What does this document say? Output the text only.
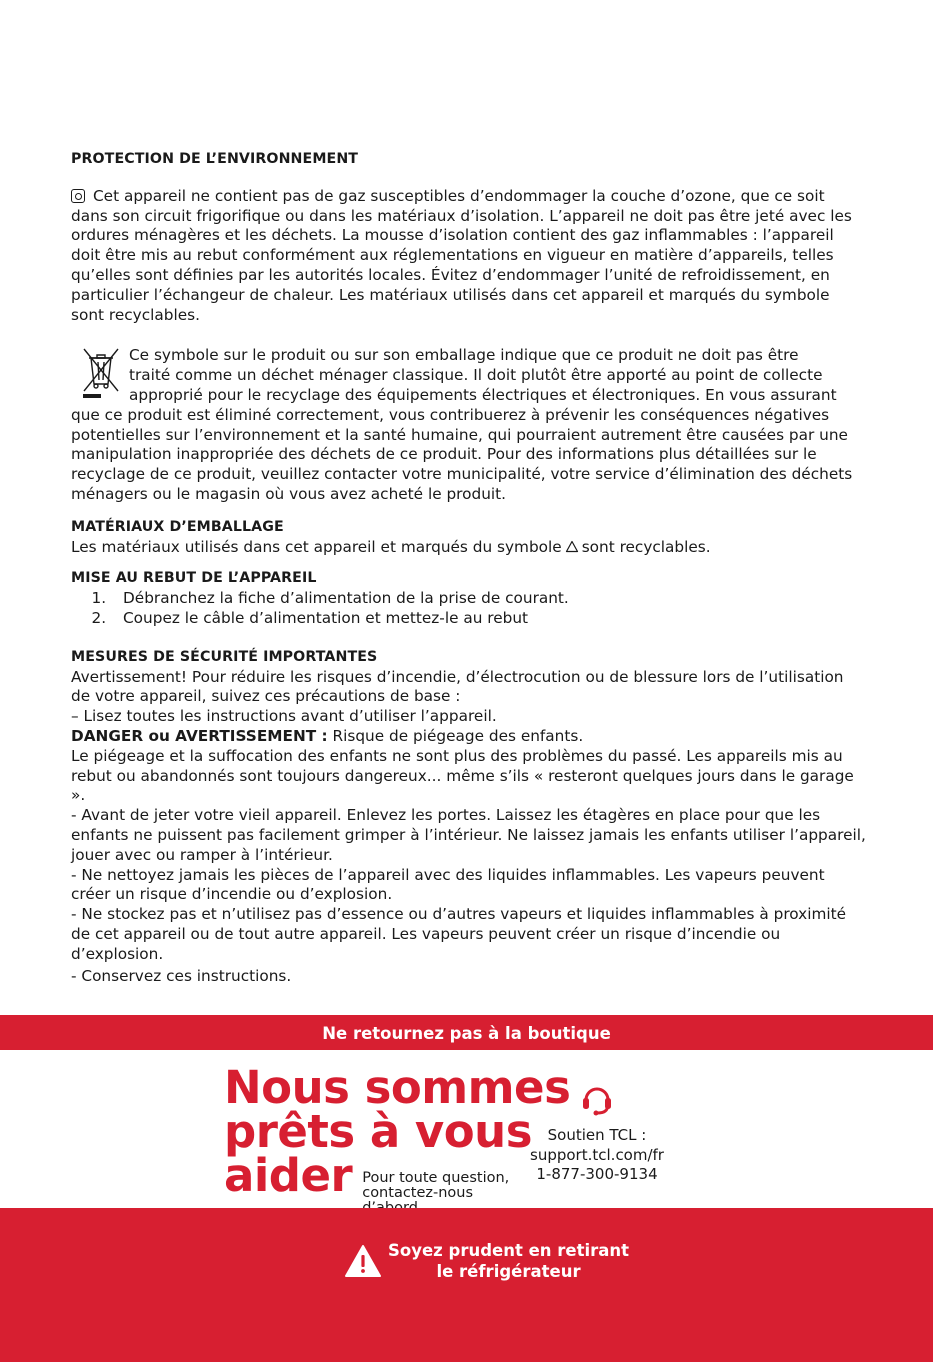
PROTECTION DE L’ENVIRONNEMENT

Cet appareil ne contient pas de gaz susceptibles d’endommager la couche d’ozone, que ce soit dans son circuit frigorifique ou dans les matériaux d’isolation. L’appareil ne doit pas être jeté avec les ordures ménagères et les déchets. La mousse d’isolation contient des gaz inflammables : l’appareil doit être mis au rebut conformément aux réglementations en vigueur en matière d’appareils, telles qu’elles sont définies par les autorités locales. Évitez d’endommager l’unité de refroidissement, en particulier l’échangeur de chaleur. Les matériaux utilisés dans cet appareil et marqués du symbole sont recyclables.

Ce symbole sur le produit ou sur son emballage indique que ce produit ne doit pas être

traité comme un déchet ménager classique. Il doit plutôt être apporté au point de collecte

approprié pour le recyclage des équipements électriques et électroniques. En vous assurant

que ce produit est éliminé correctement, vous contribuerez à prévenir les conséquences négatives potentielles sur l’environnement et la santé humaine, qui pourraient autrement être causées par une manipulation inappropriée des déchets de ce produit. Pour des informations plus détaillées sur le recyclage de ce produit, veuillez contacter votre municipalité, votre service d’élimination des déchets ménagers ou le magasin où vous avez acheté le produit.

MATÉRIAUX D’EMBALLAGE

Les matériaux utilisés dans cet appareil et marqués du symbole sont recyclables.

MISE AU REBUT DE L’APPAREIL

1. Débranchez la fiche d’alimentation de la prise de courant.
2. Coupez le câble d’alimentation et mettez-le au rebut

MESURES DE SÉCURITÉ IMPORTANTES

Avertissement! Pour réduire les risques d’incendie, d’électrocution ou de blessure lors de l’utilisation de votre appareil, suivez ces précautions de base :

– Lisez toutes les instructions avant d’utiliser l’appareil.

DANGER ou AVERTISSEMENT : Risque de piégeage des enfants.

Le piégeage et la suffocation des enfants ne sont plus des problèmes du passé. Les appareils mis au rebut ou abandonnés sont toujours dangereux... même s’ils « resteront quelques jours dans le garage ».

- Avant de jeter votre vieil appareil. Enlevez les portes. Laissez les étagères en place pour que les enfants ne puissent pas facilement grimper à l’intérieur. Ne laissez jamais les enfants utiliser l’appareil, jouer avec ou ramper à l’intérieur.

- Ne nettoyez jamais les pièces de l’appareil avec des liquides inflammables. Les vapeurs peuvent créer un risque d’incendie ou d’explosion.

- Ne stockez pas et n’utilisez pas d’essence ou d’autres vapeurs et liquides inflammables à proximité de cet appareil ou de tout autre appareil. Les vapeurs peuvent créer un risque d’incendie ou d’explosion.

- Conservez ces instructions.

Ne retournez pas à la boutique

Nous sommes

prêts à vous

aider Pour toute question,
contactez-nous
Soutien TCL :
support.tcl.com/fr
1-877-300-9134
Soyez prudent en retirant
le réfrigérateur
